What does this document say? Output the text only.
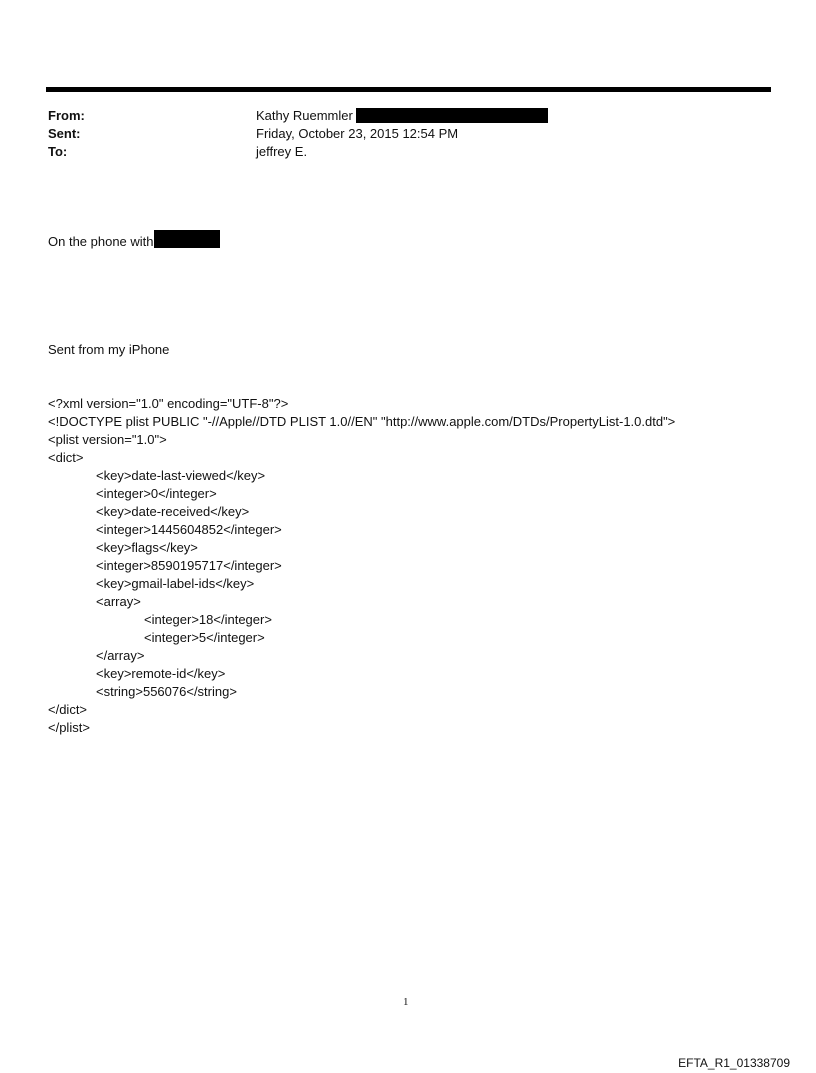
From:	Kathy Ruemmler
Sent:	Friday, October 23, 2015 12:54 PM
To:	jeffrey E.

On the phone with

Sent from my iPhone

<?xml version="1.0" encoding="UTF-8"?>
<!DOCTYPE plist PUBLIC "-//Apple//DTD PLIST 1.0//EN" "http://www.apple.com/DTDs/PropertyList-1.0.dtd">
<plist version="1.0">
<dict>
<key>date-last-viewed</key>
<integer>0</integer>
<key>date-received</key>
<integer>1445604852</integer>
<key>flags</key>
<integer>8590195717</integer>
<key>gmail-label-ids</key>
<array>
<integer>18</integer>
<integer>5</integer>
</array>
<key>remote-id</key>
<string>556076</string>
</dict>
</plist>

1
EFTA_R1_01338709
